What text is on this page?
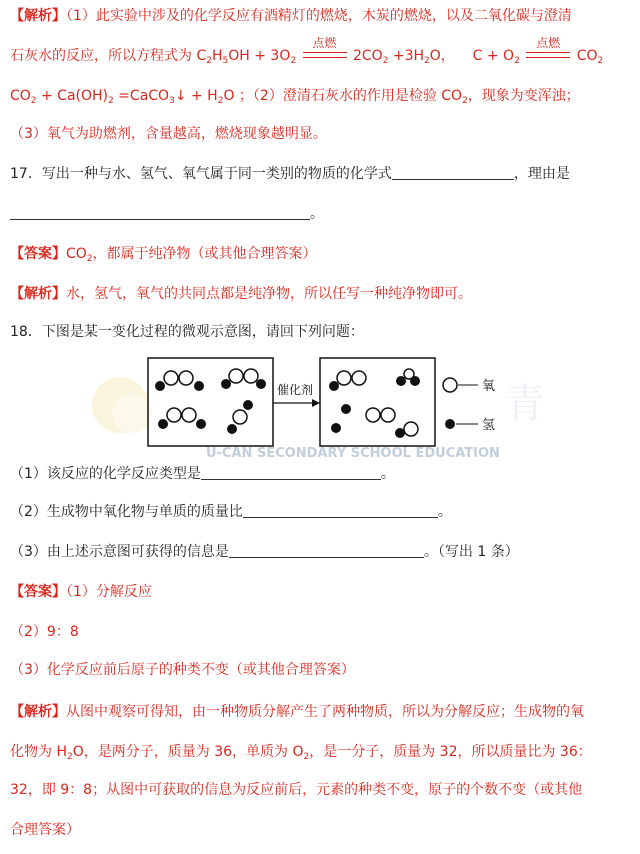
【解析】（1）此实验中涉及的化学反应有酒精灯的燃烧，木炭的燃烧，以及二氧化碳与澄清
石灰水的反应，所以方程式为 $C_2H_5OH + 3O_2$
点燃
$2CO_2 +3H_2O$， $C + O_2$
点燃
$CO_2$
$CO_2 + Ca(OH)_2$ =CaCO$_3$↓ + $H_2O$ ；（2）澄清石灰水的作用是检验 $CO_2$，现象为变浑浊；
（3）氧气为助燃剂，含量越高，燃烧现象越明显。
17．写出一种与水、氢气、氧气属于同一类别的物质的化学式	，理由是
。
【答案】$CO_2$，都属于纯净物（或其他合理答案）
【解析】水，氢气，氧气的共同点都是纯净物，所以任写一种纯净物即可。
18．下图是某一变化过程的微观示意图，请回下列问题：
青
U-CAN SECONDARY SCHOOL EDUCATION
催化剂	氧
氢
（1）该反应的化学反应类型是	。
（2）生成物中氧化物与单质的质量比	。
（3）由上述示意图可获得的信息是	。（写出 1 条）
【答案】（1）分解反应
（2）9：8
（3）化学反应前后原子的种类不变（或其他合理答案）
【解析】从图中观察可得知，由一种物质分解产生了两种物质，所以为分解反应；生成物的氧
化物为 $H_2O$，是两分子，质量为 36，单质为 $O_2$，是一分子，质量为 32，所以质量比为 36：
32，即 9：8；从图中可获取的信息为反应前后，元素的种类不变，原子的个数不变（或其他
合理答案）
